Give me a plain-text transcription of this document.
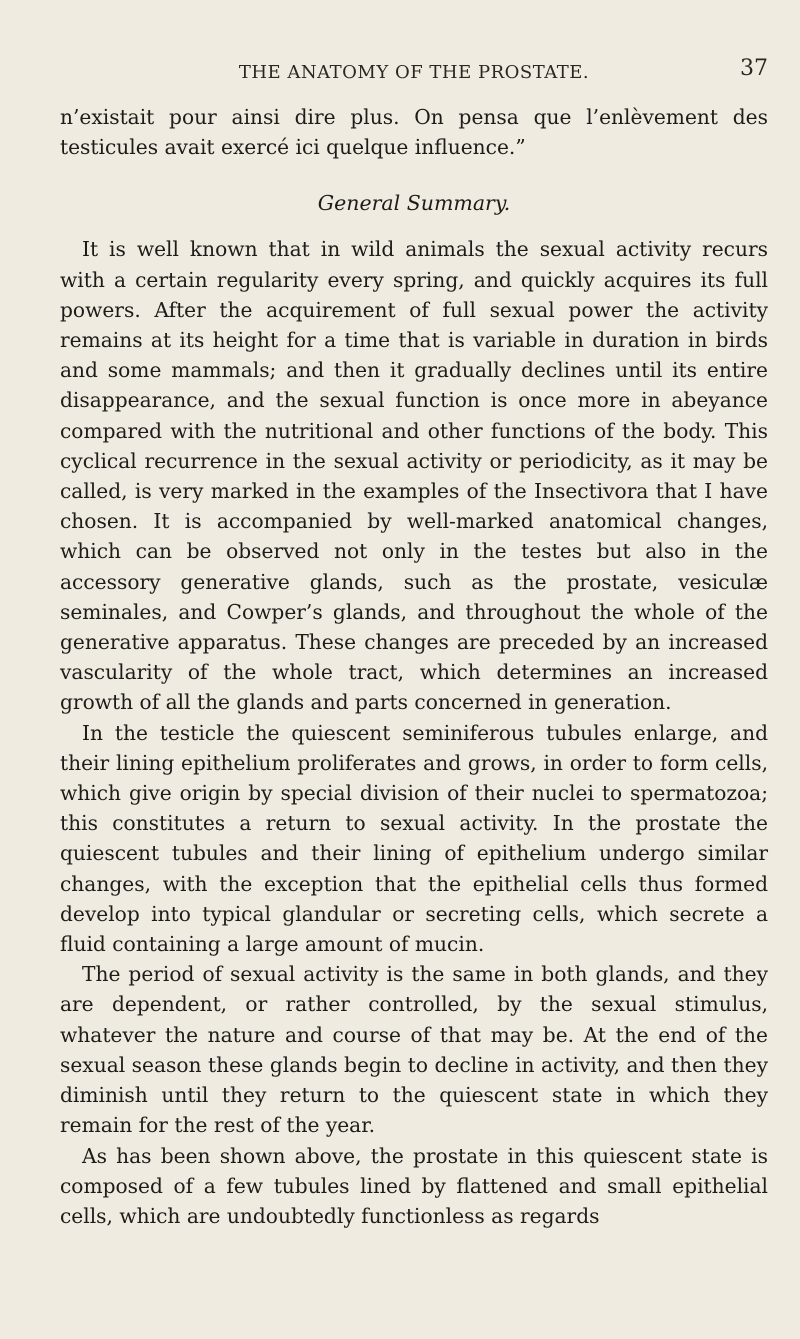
THE ANATOMY OF THE PROSTATE.	37

n’existait pour ainsi dire plus. On pensa que l’enlèvement des testicules avait exercé ici quelque influence.”

General Summary.

It is well known that in wild animals the sexual activity recurs with a certain regularity every spring, and quickly acquires its full powers. After the acquirement of full sexual power the activity remains at its height for a time that is variable in duration in birds and some mammals; and then it gradually declines until its entire disappearance, and the sexual function is once more in abeyance compared with the nutritional and other functions of the body. This cyclical recurrence in the sexual activity or periodicity, as it may be called, is very marked in the examples of the Insectivora that I have chosen. It is accompanied by well-marked anatomical changes, which can be observed not only in the testes but also in the accessory generative glands, such as the prostate, vesiculæ seminales, and Cowper’s glands, and throughout the whole of the generative apparatus. These changes are preceded by an increased vascularity of the whole tract, which determines an increased growth of all the glands and parts concerned in generation.

In the testicle the quiescent seminiferous tubules enlarge, and their lining epithelium proliferates and grows, in order to form cells, which give origin by special division of their nuclei to spermatozoa; this constitutes a return to sexual activity. In the prostate the quiescent tubules and their lining of epithelium undergo similar changes, with the exception that the epithelial cells thus formed develop into typical glandular or secreting cells, which secrete a fluid containing a large amount of mucin.

The period of sexual activity is the same in both glands, and they are dependent, or rather controlled, by the sexual stimulus, whatever the nature and course of that may be. At the end of the sexual season these glands begin to decline in activity, and then they diminish until they return to the quiescent state in which they remain for the rest of the year.

As has been shown above, the prostate in this quiescent state is composed of a few tubules lined by flattened and small epithelial cells, which are undoubtedly functionless as regards
